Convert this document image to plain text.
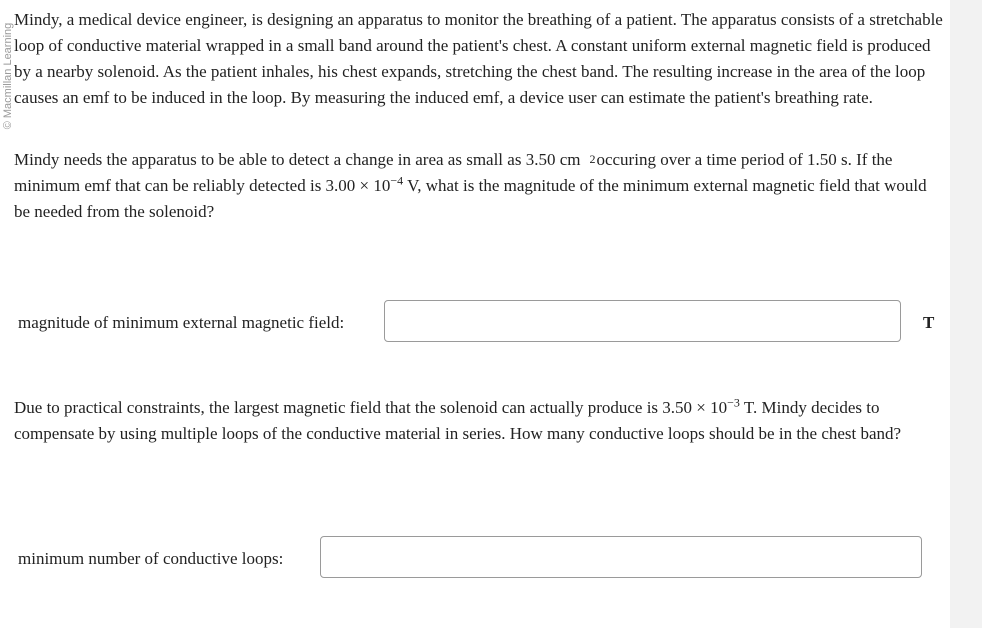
© Macmillan Learning
Mindy, a medical device engineer, is designing an apparatus to monitor the breathing of a patient. The apparatus consists of a stretchable loop of conductive material wrapped in a small band around the patient's chest. A constant uniform external magnetic field is produced by a nearby solenoid. As the patient inhales, his chest expands, stretching the chest band. The resulting increase in the area of the loop causes an emf to be induced in the loop. By measuring the induced emf, a device user can estimate the patient's breathing rate.
Mindy needs the apparatus to be able to detect a change in area as small as 3.50 cm 2 occuring over a time period of 1.50 s. If the minimum emf that can be reliably detected is $3.00 \times 10^{-4}$ V, what is the magnitude of the minimum external magnetic field that would be needed from the solenoid?
magnitude of minimum external magnetic field:	T
Due to practical constraints, the largest magnetic field that the solenoid can actually produce is $3.50 \times 10^{-3}$ T. Mindy decides to compensate by using multiple loops of the conductive material in series. How many conductive loops should be in the chest band?
minimum number of conductive loops:
